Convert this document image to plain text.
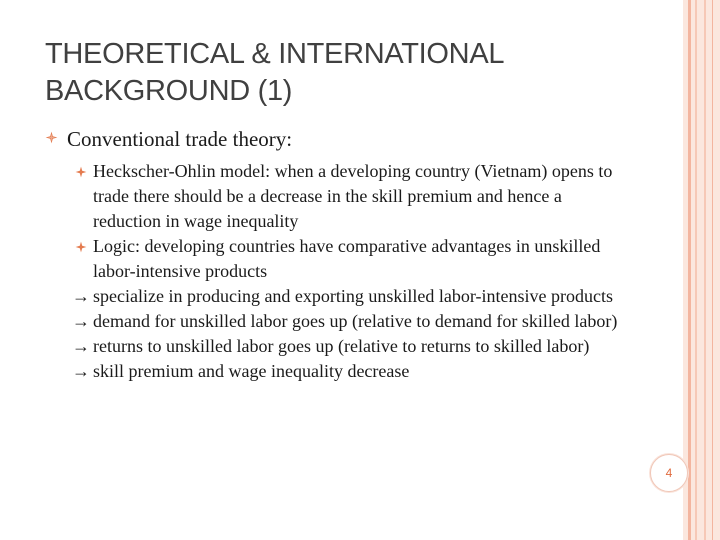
THEORETICAL & INTERNATIONAL
BACKGROUND (1)
Conventional trade theory:
Heckscher-Ohlin model: when a developing country (Vietnam) opens to trade there should be a decrease in the skill premium and hence a reduction in wage inequality
Logic: developing countries have comparative advantages in unskilled labor-intensive products
→ specialize in producing and exporting unskilled labor-intensive products
→ demand for unskilled labor goes up (relative to demand for skilled labor)
→ returns to unskilled labor goes up (relative to returns to skilled labor)
→ skill premium and wage inequality decrease
4
